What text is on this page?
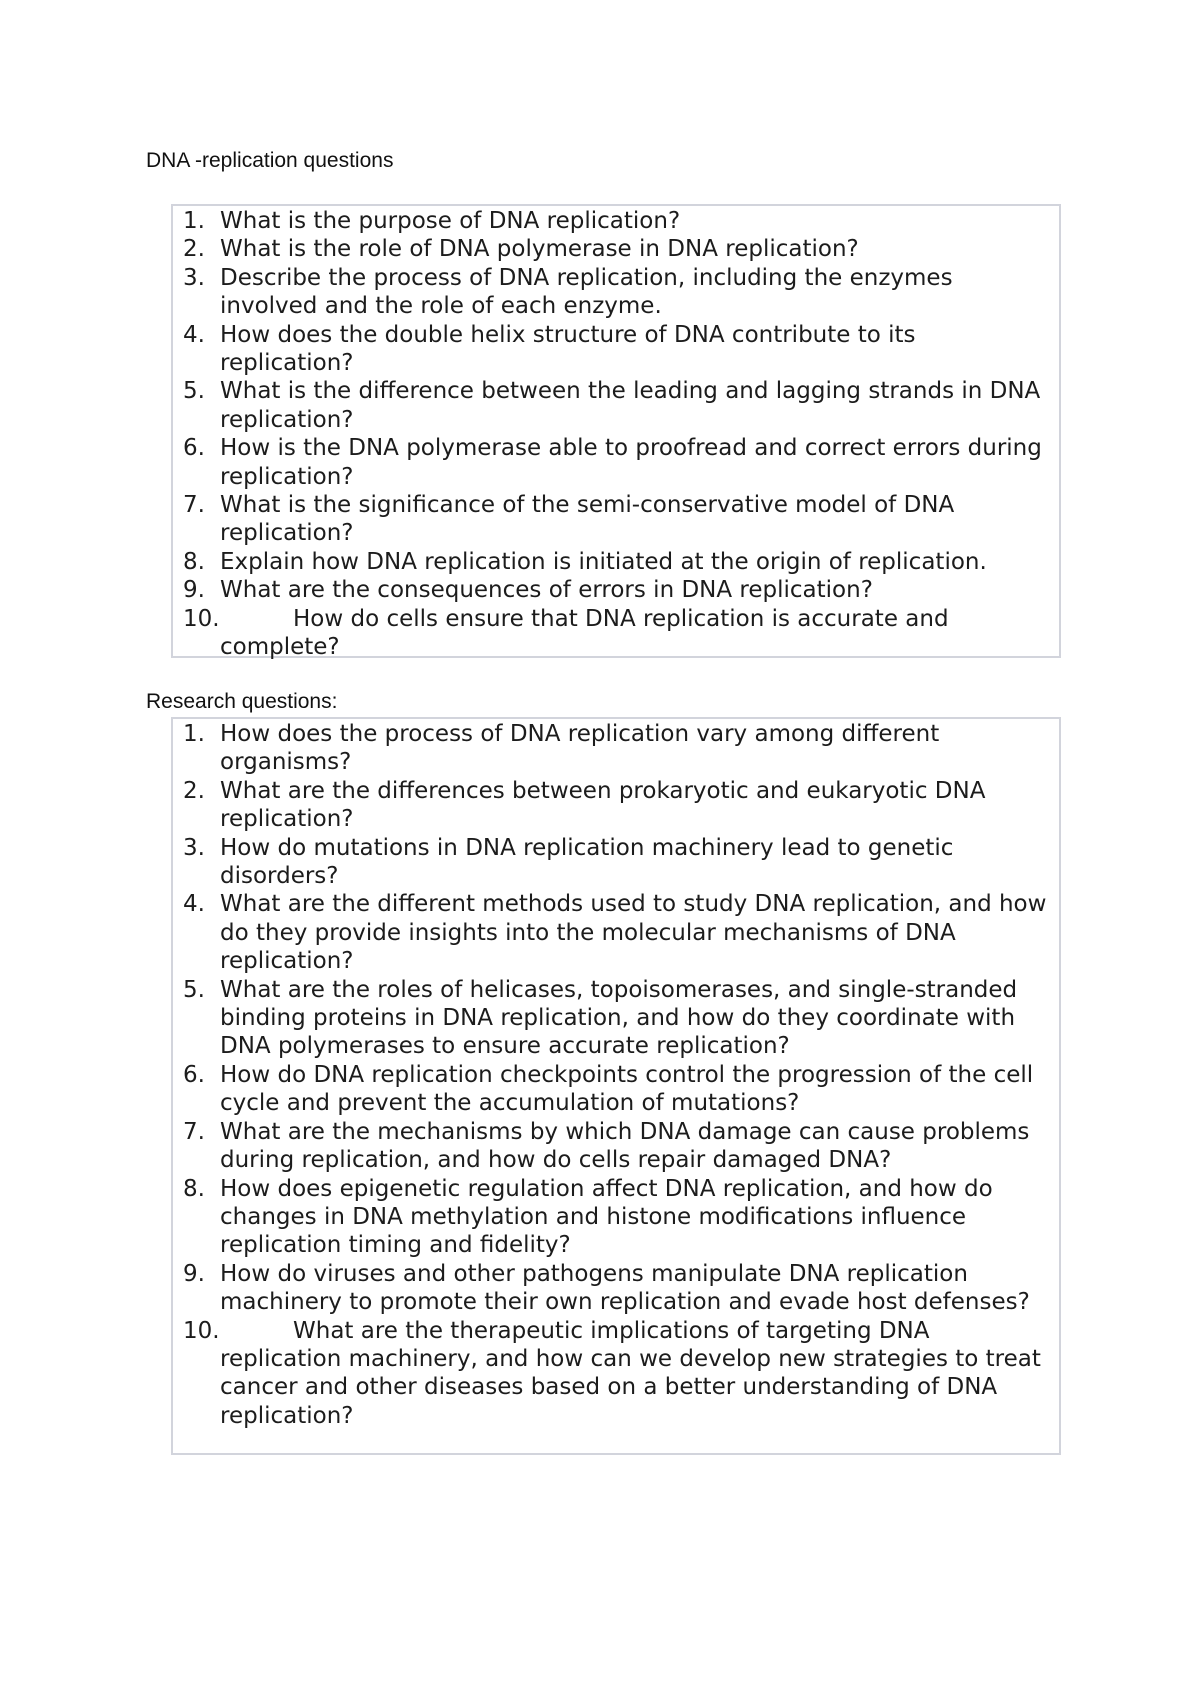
DNA -replication questions
1. What is the purpose of DNA replication?
2. What is the role of DNA polymerase in DNA replication?
3. Describe the process of DNA replication, including the enzymes involved and the role of each enzyme.
4. How does the double helix structure of DNA contribute to its replication?
5. What is the difference between the leading and lagging strands in DNA replication?
6. How is the DNA polymerase able to proofread and correct errors during replication?
7. What is the significance of the semi-conservative model of DNA replication?
8. Explain how DNA replication is initiated at the origin of replication.
9. What are the consequences of errors in DNA replication?
10.	How do cells ensure that DNA replication is accurate and complete?
Research questions:
1. How does the process of DNA replication vary among different organisms?
2. What are the differences between prokaryotic and eukaryotic DNA replication?
3. How do mutations in DNA replication machinery lead to genetic disorders?
4. What are the different methods used to study DNA replication, and how do they provide insights into the molecular mechanisms of DNA replication?
5. What are the roles of helicases, topoisomerases, and single-stranded binding proteins in DNA replication, and how do they coordinate with DNA polymerases to ensure accurate replication?
6. How do DNA replication checkpoints control the progression of the cell cycle and prevent the accumulation of mutations?
7. What are the mechanisms by which DNA damage can cause problems during replication, and how do cells repair damaged DNA?
8. How does epigenetic regulation affect DNA replication, and how do changes in DNA methylation and histone modifications influence replication timing and fidelity?
9. How do viruses and other pathogens manipulate DNA replication machinery to promote their own replication and evade host defenses?
10.	What are the therapeutic implications of targeting DNA replication machinery, and how can we develop new strategies to treat cancer and other diseases based on a better understanding of DNA replication?
